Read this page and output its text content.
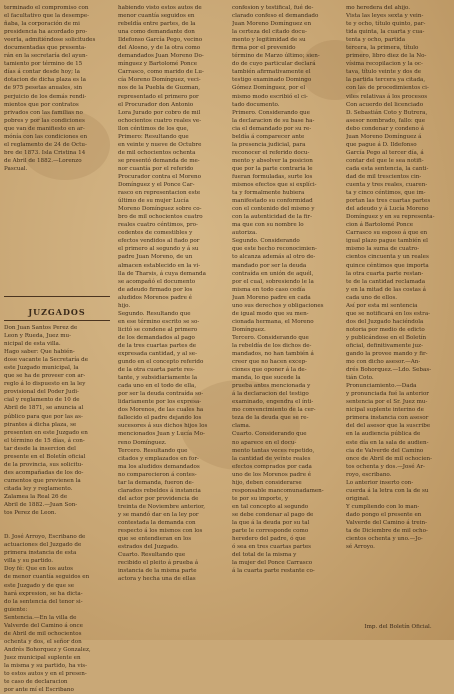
terminado el compromiso con
el facultativo que la desempe-
ñaba, la corporación de mi
presidencia ha acordado pro-
veerla, admitiéndose solicitudes
documentadas que presenta-
rán en la secretaría del ayun-
tamiento por término de 15
días á contar desde hoy; la
dotacion de dicha plaza es la
de 975 pesetas anuales, sin
perjuicio de los demás rendi-
mientos que por contratos
privados con las familias no
pobres y por las condiciones
que van de manifiesto en ar-
mónía con las condiciones en
el reglamento de 24 de Octu-
bre de 1873. Isla Cristina 14
de Abril de 1882.—Lorenzo
Pascual.
JUZGADOS
Don Juan Santos Perez de
Leon y Rueda, Juez mu-
nicipal de esta villa.
Hago saber: Que habién-
dose vacante la Secretaría de
este Juzgado municipal, la
que se ha de proveer con ar-
reglo á lo dispuesto en la ley
provisional del Poder Judi-
cial y reglamento de 10 de
Abril de 1871, se anuncia al
público para que por las as-
pirantes á dicha plaza, se
presenten en este Juzgado en
el término de 15 días, á con-
tar desde la insercion del
presente en el Boletín oficial
de la provincia, sus solicitu-
des acompañadas de los do-
cumentos que previenen la
citada ley y reglamento.
Zalamea la Real 26 de
Abril de 1882.—Juan Son-
tos Perez de Leon.

D. José Arroyo, Escribano de
actuaciones del Juzgado de
primera instancia de esta
villa y su partido.
Doy fé: Que en los autos
de menor cuantía seguidos en
este Juzgado y de que se
hará expresion, se ha dicta-
do la sentencia del tenor si-
guiente:
Sentencia.—En la villa de
Valverde del Camino á once
de Abril de mil ochocientos
ochenta y dos, el señor don
Andrés Bohorquez y Gonzalez,
Juez municipal suplente en
la misma y su partido, ha vis-
to estos autos y en el presen-
te caso de declaracion
por ante mí el Escribano
habiendo visto estos autos de
menor cuantía seguidos en
rebeldía entre partes, de la
una como demandante don
Ildefonso García Pego, vecino
del Alosno, y de la otra como
demandados Juan Moreno Do-
mínguez y Bartolomé Ponce
Carrasco, como marido de Lu-
cía Moreno Domínguez, veci-
nos de la Puebla de Guzman,
representado el primero por
el Procurador don Antonio
Lora Jurado por cobro de mil
ochocientos cuatro reales ve-
llon céntimos de los que,
Primero: Resultando que
en veinte y nueve de Octubre
de mil ochocientos ochenta
se presentó demanda de me-
nor cuantía por el referido
Procurador contra el Moreno
Domínguez y el Ponce Car-
rasco en representacion este
último de su mujer Lucía
Moreno Domínguez sobre co-
bro de mil ochocientos cuatro
reales cuatro céntimos, pro-
cedentes de comestibles y
efectos vendidos al fiado por
el primero al segundo y á su
padre Juan Moreno, de un
almacen establecido en la vi-
lla de Tharsis, á cuya demanda
se acompañó el documento
de adeudo firmado por los
aludidos Morenos padre é
hijo.
Segundo. Resultando que
en ese término escrito se so-
licitó se condene al primero
de los demandados al pago
de la tres cuartas partes de
expresada cantidad, y al se-
gundo en el concepto referido
de la otra cuarta parte res-
tante, y subsidiariamente la
cada uno en el todo de ella,
por ser la deuda contraída so-
lidariamente por los expresa-
dos Morenos, de las cuales ha
fallecido el padre dejando los
sucesores á sus dichos hijos los
mencionados Juan y Lucía Mo-
reno Domínguez.
Tercero. Resultando que
citados y emplazados en for-
ma los aludidos demandados
no comparecieron á contes-
tar la demanda, fueron de-
clarados rebeldes á instancia
del actor por providencia de
treinta de Noviembre anterior,
y se mandó dar en la ley por
contestada la demanda con
respecto á los mismos con los
que se entendieran en los
estrados del Juzgado.
Cuarto. Resultando que
recibido el pleito á prueba á
instancia de la misma parte
actora y hecha una de ellas
confesion y testifical, fué de-
clarado confeso el demandado
Juan Moreno Domínguez en
la certeza del citado docu-
mento y legitimidad de su
firma por el prevenido
término de Marzo último; sien-
do de cuyo particular declará
también afirmativamente el
testigo examinado Domingo
Gómez Domínguez, por el
mismo modo escribió el ci-
tado documento.
Primero. Considerando que
la declaracion de su base ha-
cia el demandado por su re-
beldía á comparecer ante
la presencia judicial, para
reconocer el referido docu-
mento y absolver la posicion
que por la parte contraria le
fueran formuladas, surte los
mismos efectos que si explíci-
ta y formalmente hubiera
manifestado su conformidad
con el contenido del mismo y
con la autenticidad de la fir-
ma que con su nombre lo
autoriza.
Segundo. Considerando
que este hecho reconocimien-
to alcanza además al otro de-
mandado por ser la deuda
contraída en unión de aquél,
por el cual, sobresiendo le la
misma en todo caso cedía
Juan Moreno padre en cada
uno sus derechos y obligaciones
de igual modo que su men-
cionada hermana, el Moreno
Domínguez.
Tercero. Considerando que
la rebeldía de los dichos de-
mandados, no han también á
creer que no hacen excep-
ciones que oponer á la de-
manda, lo que sucede la
prueba antes mencionada y
á la declaracion del testigo
examinado, engendra el ínti-
mo convencimiento de la cer-
teza de la deuda que se re-
clama.
Cuarto. Considerando que
no aparece en el docu-
mento tantas veces repetido,
la cantidad de veinte reales
efectos comprados por cada
uno de los Morenos padre é
hijo, deben considerarse
responsable mancomunadamen-
te por su importe, y
en tal concepto al segundo
se debe condenar al pago de
la que á la deuda por su tal
parte le corresponde como
heredero del padre, ó que
ó sea en tres cuartas partes
del total de la misma y
la mujer del Ponce Carrasco
á la cuarta parte restante co-
mo heredera del ahijo.
Vista las leyes sexta y vein-
te y ocho, título quinto, par-
tida quinta, la cuarta y cua-
tenta y ocho, partida
tercera, la primera, título
primero, libro diez de la No-
vísima recopilacion y la oc-
tava, título veinte y dos de
la partida tercera ya citada,
con las de procedimientos ci-
viles relativas á los procesos
Con acuerdo del licenciado
D. Sebastián Coto y Butrera,
asesor nombrado, fallo: que
debo condenar y condeno á
Juan Moreno Domínguez á
que pague á D. Ildefonso
García Pego al tercer día, á
contar del que le sea notifi-
cada esta sentencia, la canti-
dad de mil trescientos cin-
cuenta y tres reales, cuaren-
ta y cinco céntimos, que im-
portan las tres cuartas partes
del adeudo y á Lucía Moreno
Domínguez y en su representa-
cion á Bartolomé Ponce
Carrasco su esposo á que en
igual plazo pague también el
mismo la suma de cuatro-
cientos cincuenta y un reales
quince céntimos que importa
la otra cuarta parte restan-
te de la cantidad reclamada
y en la mitad de las costas á
cada uno de ellos.
Así por esta mi sentencia
que se notificará en los estra-
dos del Juzgado haciéndola
notoria por medio de edicto
y publicándose en el Boletín
oficial, definitivamente juz-
gando la provee mando y fir-
mo con dicho asesor.—An-
drés Bohorquez.—Ldo. Sebas-
tián Coto.
Pronunciamiento.—Dada
y pronunciada fué la anterior
sentencia por el Sr. Juez mu-
nicipal suplente interino de
primera instancia con asesor
del del asesor que la suscribe
en la audiencia pública de
este día en la sala de audien-
cia de Valverde del Camino
once de Abril de mil ochocien-
tos ochenta y dos.—José Ar-
royo, escribano.
Lo anterior inserto con-
cuerda á la letra con la de su
original.
Y cumpliendo con lo man-
dado pongo el presente en
Valverde del Camino á trein-
ta de Diciembre de mil ocho-
cientos ochenta y uno.—Jo-
sé Arroyo.
Imp. del Boletín Oficial.
